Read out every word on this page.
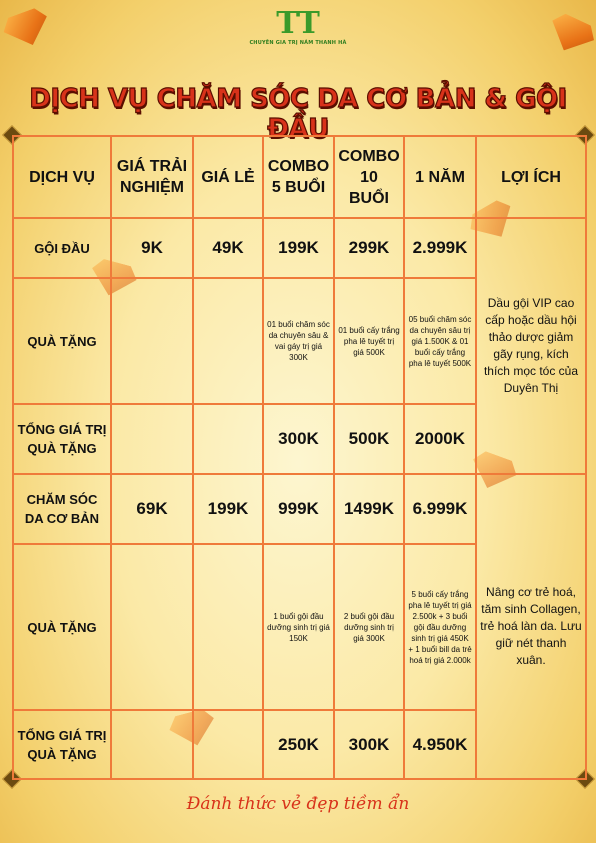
TT
CHUYÊN GIA TRỊ NÁM THANH HÀ
DỊCH VỤ CHĂM SÓC DA CƠ BẢN & GỘI ĐẦU
DỊCH VỤ	GIÁ TRẢI NGHIỆM	GIÁ LẺ	COMBO 5 BUỔI	COMBO 10 BUỔI	1 NĂM	LỢI ÍCH
GỘI ĐẦU	9K	49K	199K	299K	2.999K	Dầu gội VIP cao cấp hoặc dầu hội thảo dược giảm gãy rụng, kích thích mọc tóc của Duyên Thị
QUÀ TẶNG			01 buổi chăm sóc da chuyên sâu & vai gáy trị giá 300K	01 buổi cấy trắng pha lê tuyết trị giá 500K	05 buổi chăm sóc da chuyên sâu trị giá 1.500K & 01 buổi cấy trắng pha lê tuyết 500K	
TỔNG GIÁ TRỊ QUÀ TẶNG			300K	500K	2000K	
CHĂM SÓC DA CƠ BẢN	69K	199K	999K	1499K	6.999K	Nâng cơ trẻ hoá, tăm sinh Collagen, trẻ hoá làn da. Lưu giữ nét thanh xuân.
QUÀ TẶNG			1 buổi gội đầu dưỡng sinh trị giá 150K	2 buổi gội đầu dưỡng sinh trị giá 300K	5 buổi cấy trắng pha lê tuyết trị giá 2.500k + 3 buổi gội đầu dưỡng sinh trị giá 450K + 1 buổi bill da trẻ hoá trị giá 2.000k	
TỔNG GIÁ TRỊ QUÀ TẶNG			250K	300K	4.950K	
Đánh thức vẻ đẹp tiềm ẩn
